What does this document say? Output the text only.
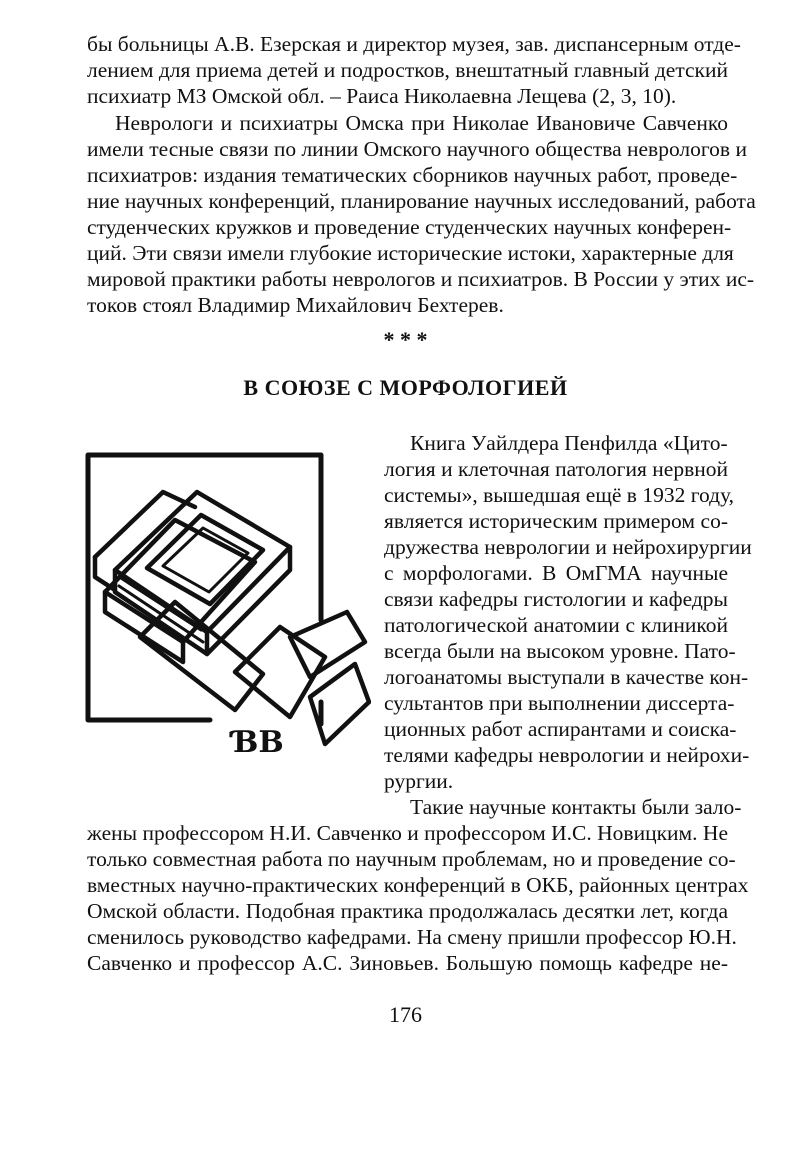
бы больницы А.В. Езерская и директор музея, зав. диспансерным отде-
лением для приема детей и подростков, внештатный главный детский
психиатр МЗ Омской обл. – Раиса Николаевна Лещева (2, 3, 10).
Неврологи и психиатры Омска при Николае Ивановиче Савченко
имели тесные связи по линии Омского научного общества неврологов и
психиатров: издания тематических сборников научных работ, проведе-
ние научных конференций, планирование научных исследований, работа
студенческих кружков и проведение студенческих научных конферен-
ций. Эти связи имели глубокие исторические истоки, характерные для
мировой практики работы неврологов и психиатров. В России у этих ис-
токов стоял Владимир Михайлович Бехтерев.
* * *
В СОЮЗЕ С МОРФОЛОГИЕЙ
ƁB
Книга Уайлдера Пенфилда «Цито-
логия и клеточная патология нервной
системы», вышедшая ещё в 1932 году,
является историческим примером со-
дружества неврологии и нейрохирургии
с морфологами. В ОмГМА научные
связи кафедры гистологии и кафедры
патологической анатомии с клиникой
всегда были на высоком уровне. Пато-
логоанатомы выступали в качестве кон-
сультантов при выполнении диссерта-
ционных работ аспирантами и соиска-
телями кафедры неврологии и нейрохи-
рургии.
Такие научные контакты были зало-
жены профессором Н.И. Савченко и профессором И.С. Новицким. Не
только совместная работа по научным проблемам, но и проведение со-
вместных научно-практических конференций в ОКБ, районных центрах
Омской области. Подобная практика продолжалась десятки лет, когда
сменилось руководство кафедрами. На смену пришли профессор Ю.Н.
Савченко и профессор А.С. Зиновьев. Большую помощь кафедре не-
176
